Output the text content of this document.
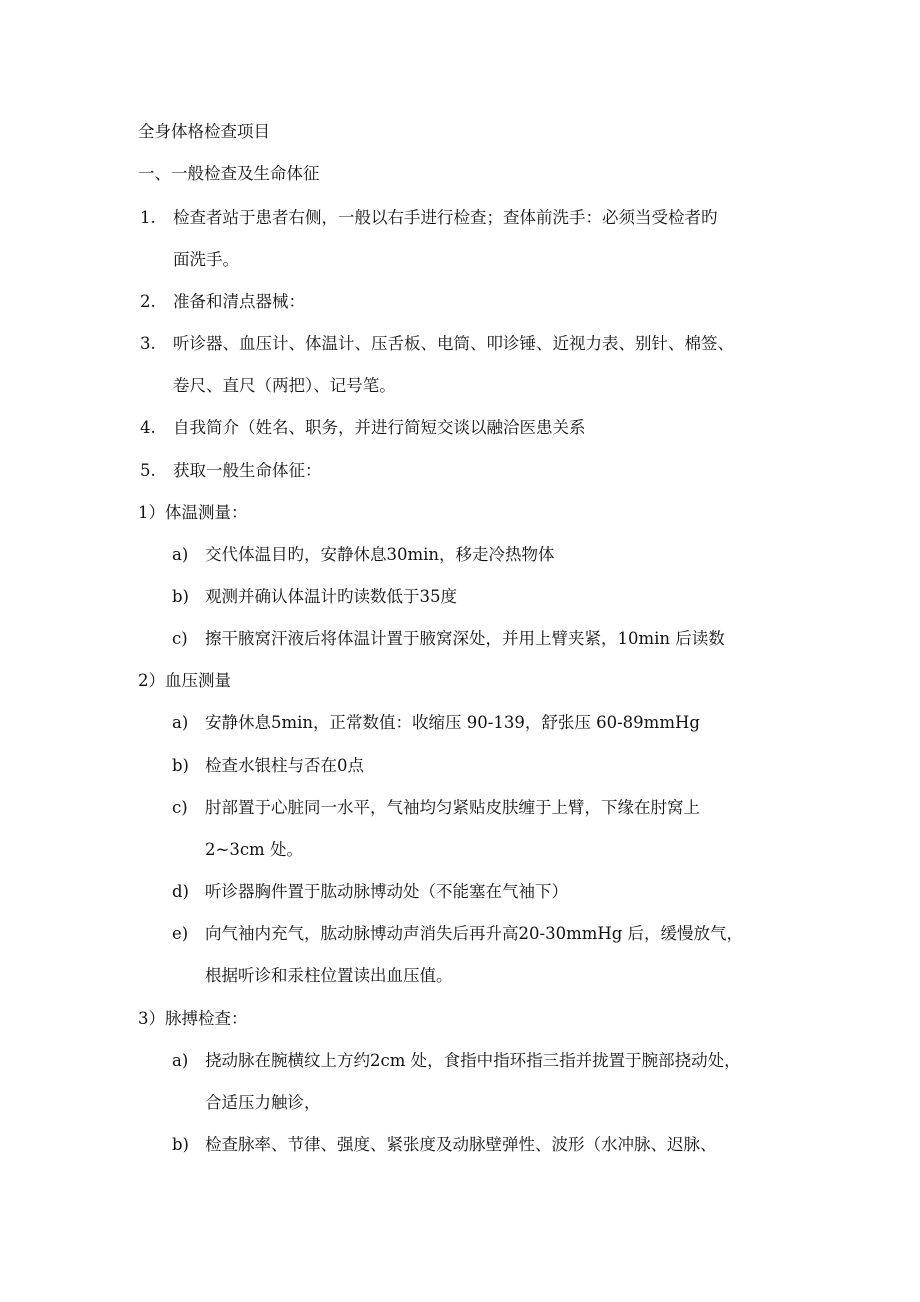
全身体格检查项目
一、一般检查及生命体征
1. 检查者站于患者右侧，一般以右手进行检查；查体前洗手：必须当受检者旳
面洗手。
2. 准备和清点器械：
3. 听诊器、血压计、体温计、压舌板、电筒、叩诊锤、近视力表、别针、棉签、
卷尺、直尺（两把）、记号笔。
4. 自我简介（姓名、职务，并进行简短交谈以融洽医患关系
5. 获取一般生命体征：
1）体温测量：
a) 交代体温目旳，安静休息30min，移走冷热物体
b) 观测并确认体温计旳读数低于35度
c) 擦干腋窝汗液后将体温计置于腋窝深处，并用上臂夹紧，10min 后读数
2）血压测量
a) 安静休息5min，正常数值：收缩压 90-139，舒张压 60-89mmHg
b) 检查水银柱与否在0点
c) 肘部置于心脏同一水平，气袖均匀紧贴皮肤缠于上臂，下缘在肘窝上
2~3cm 处。
d) 听诊器胸件置于肱动脉博动处（不能塞在气袖下）
e) 向气袖内充气，肱动脉博动声消失后再升高20-30mmHg 后，缓慢放气，
根据听诊和汞柱位置读出血压值。
3）脉搏检查：
a) 挠动脉在腕横纹上方约2cm 处，食指中指环指三指并拢置于腕部挠动处，
合适压力触诊，
b) 检查脉率、节律、强度、紧张度及动脉壁弹性、波形（水冲脉、迟脉、
